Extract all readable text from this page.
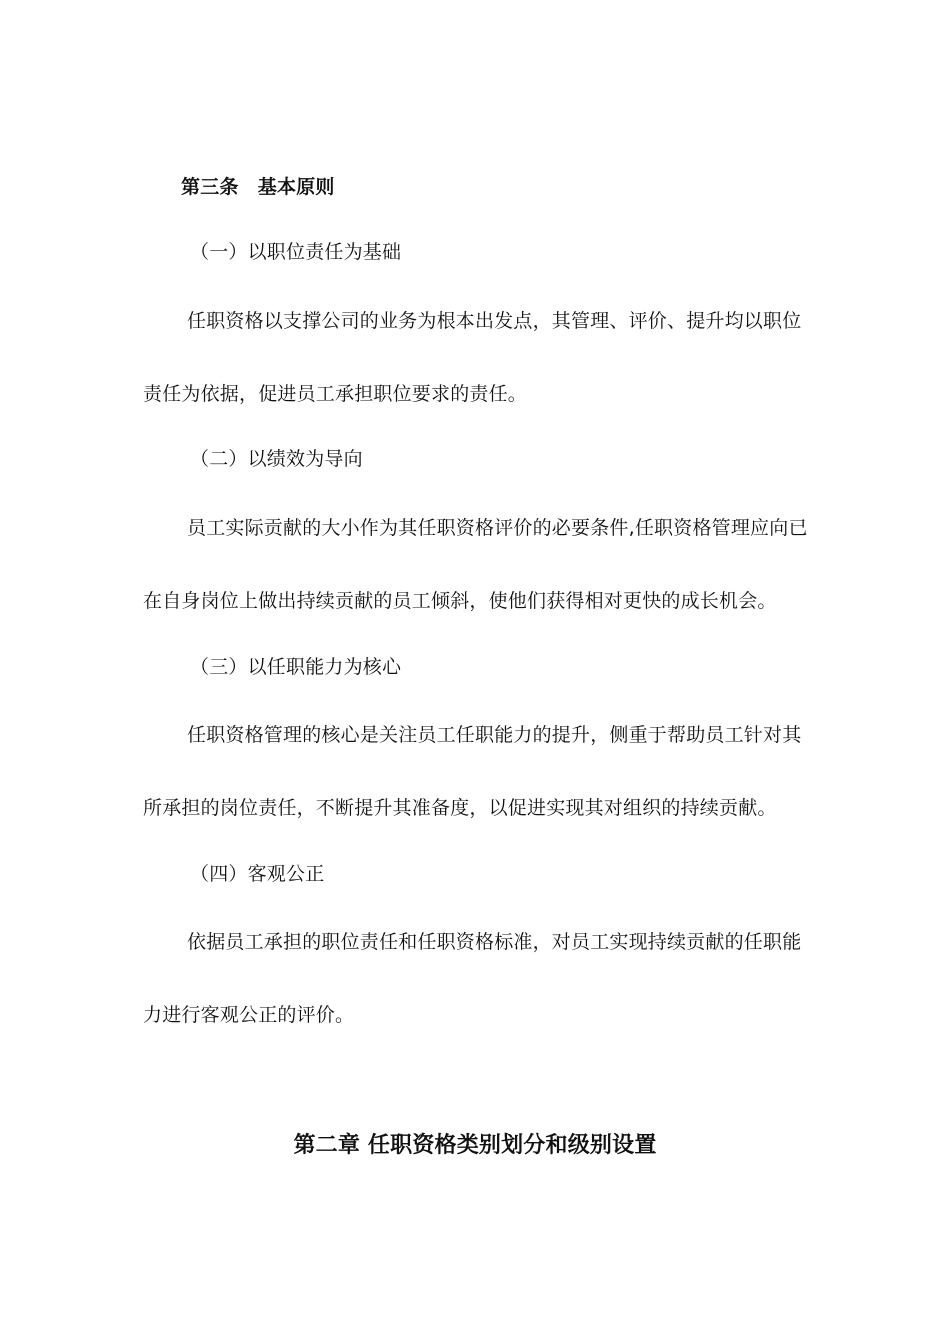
第三条　基本原则
（一）以职位责任为基础
任职资格以支撑公司的业务为根本出发点，其管理、评价、提升均以职位
责任为依据，促进员工承担职位要求的责任。
（二）以绩效为导向
员工实际贡献的大小作为其任职资格评价的必要条件,任职资格管理应向已
在自身岗位上做出持续贡献的员工倾斜，使他们获得相对更快的成长机会。
（三）以任职能力为核心
任职资格管理的核心是关注员工任职能力的提升，侧重于帮助员工针对其
所承担的岗位责任，不断提升其准备度，以促进实现其对组织的持续贡献。
（四）客观公正
依据员工承担的职位责任和任职资格标准，对员工实现持续贡献的任职能
力进行客观公正的评价。
第二章 任职资格类别划分和级别设置
